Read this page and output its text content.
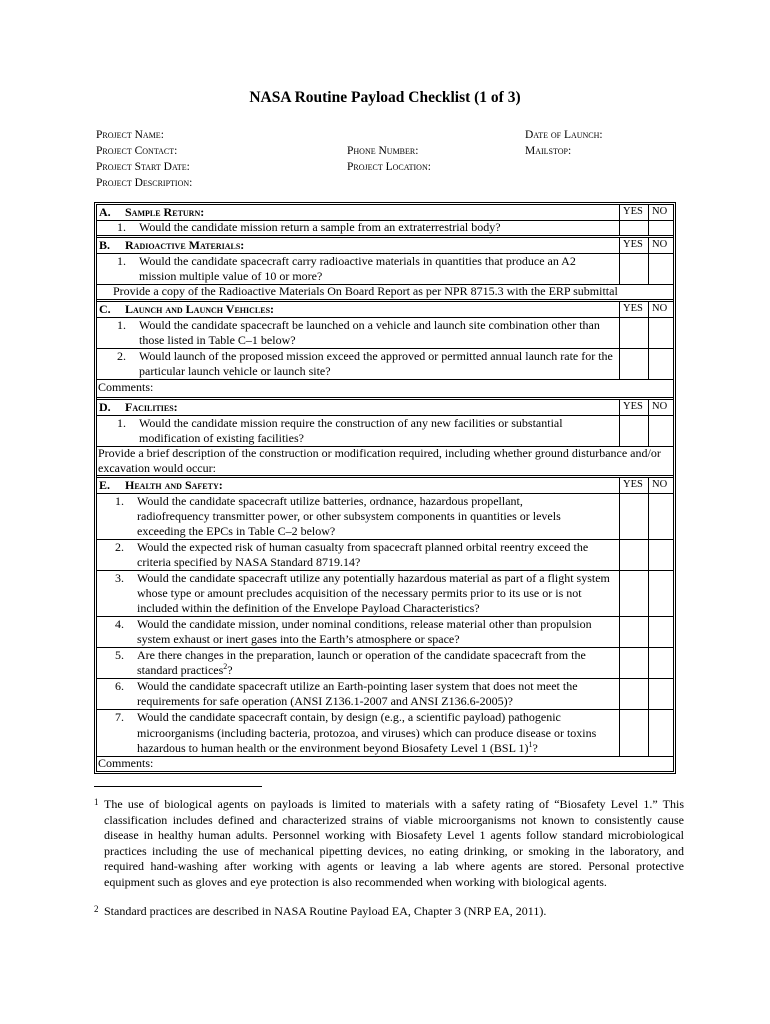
NASA Routine Payload Checklist (1 of 3)
Project Name:
Project Contact:
Project Start Date:
Project Description:
Phone Number:
Project Location:
Date of Launch:
Mailstop:
A. Sample Return:	YES NO
1. Would the candidate mission return a sample from an extraterrestrial body?
B. Radioactive Materials:	YES NO
1. Would the candidate spacecraft carry radioactive materials in quantities that produce an A2 mission multiple value of 10 or more?
Provide a copy of the Radioactive Materials On Board Report as per NPR 8715.3 with the ERP submittal
C. Launch and Launch Vehicles:	YES NO
1. Would the candidate spacecraft be launched on a vehicle and launch site combination other than those listed in Table C–1 below?
2. Would launch of the proposed mission exceed the approved or permitted annual launch rate for the particular launch vehicle or launch site?
Comments:
D. Facilities:	YES NO
1. Would the candidate mission require the construction of any new facilities or substantial modification of existing facilities?
Provide a brief description of the construction or modification required, including whether ground disturbance and/or excavation would occur:
E. Health and Safety:	YES NO
1. Would the candidate spacecraft utilize batteries, ordnance, hazardous propellant, radiofrequency transmitter power, or other subsystem components in quantities or levels exceeding the EPCs in Table C–2 below?
2. Would the expected risk of human casualty from spacecraft planned orbital reentry exceed the criteria specified by NASA Standard 8719.14?
3. Would the candidate spacecraft utilize any potentially hazardous material as part of a flight system whose type or amount precludes acquisition of the necessary permits prior to its use or is not included within the definition of the Envelope Payload Characteristics?
4. Would the candidate mission, under nominal conditions, release material other than propulsion system exhaust or inert gases into the Earth’s atmosphere or space?
5. Are there changes in the preparation, launch or operation of the candidate spacecraft from the standard practices$^2$?
6. Would the candidate spacecraft utilize an Earth-pointing laser system that does not meet the requirements for safe operation (ANSI Z136.1-2007 and ANSI Z136.6-2005)?
7. Would the candidate spacecraft contain, by design (e.g., a scientific payload) pathogenic microorganisms (including bacteria, protozoa, and viruses) which can produce disease or toxins hazardous to human health or the environment beyond Biosafety Level 1 (BSL 1)$^1$?
Comments:
1 The use of biological agents on payloads is limited to materials with a safety rating of “Biosafety Level 1.” This classification includes defined and characterized strains of viable microorganisms not known to consistently cause disease in healthy human adults. Personnel working with Biosafety Level 1 agents follow standard microbiological practices including the use of mechanical pipetting devices, no eating drinking, or smoking in the laboratory, and required hand-washing after working with agents or leaving a lab where agents are stored. Personal protective equipment such as gloves and eye protection is also recommended when working with biological agents.
2 Standard practices are described in NASA Routine Payload EA, Chapter 3 (NRP EA, 2011).
